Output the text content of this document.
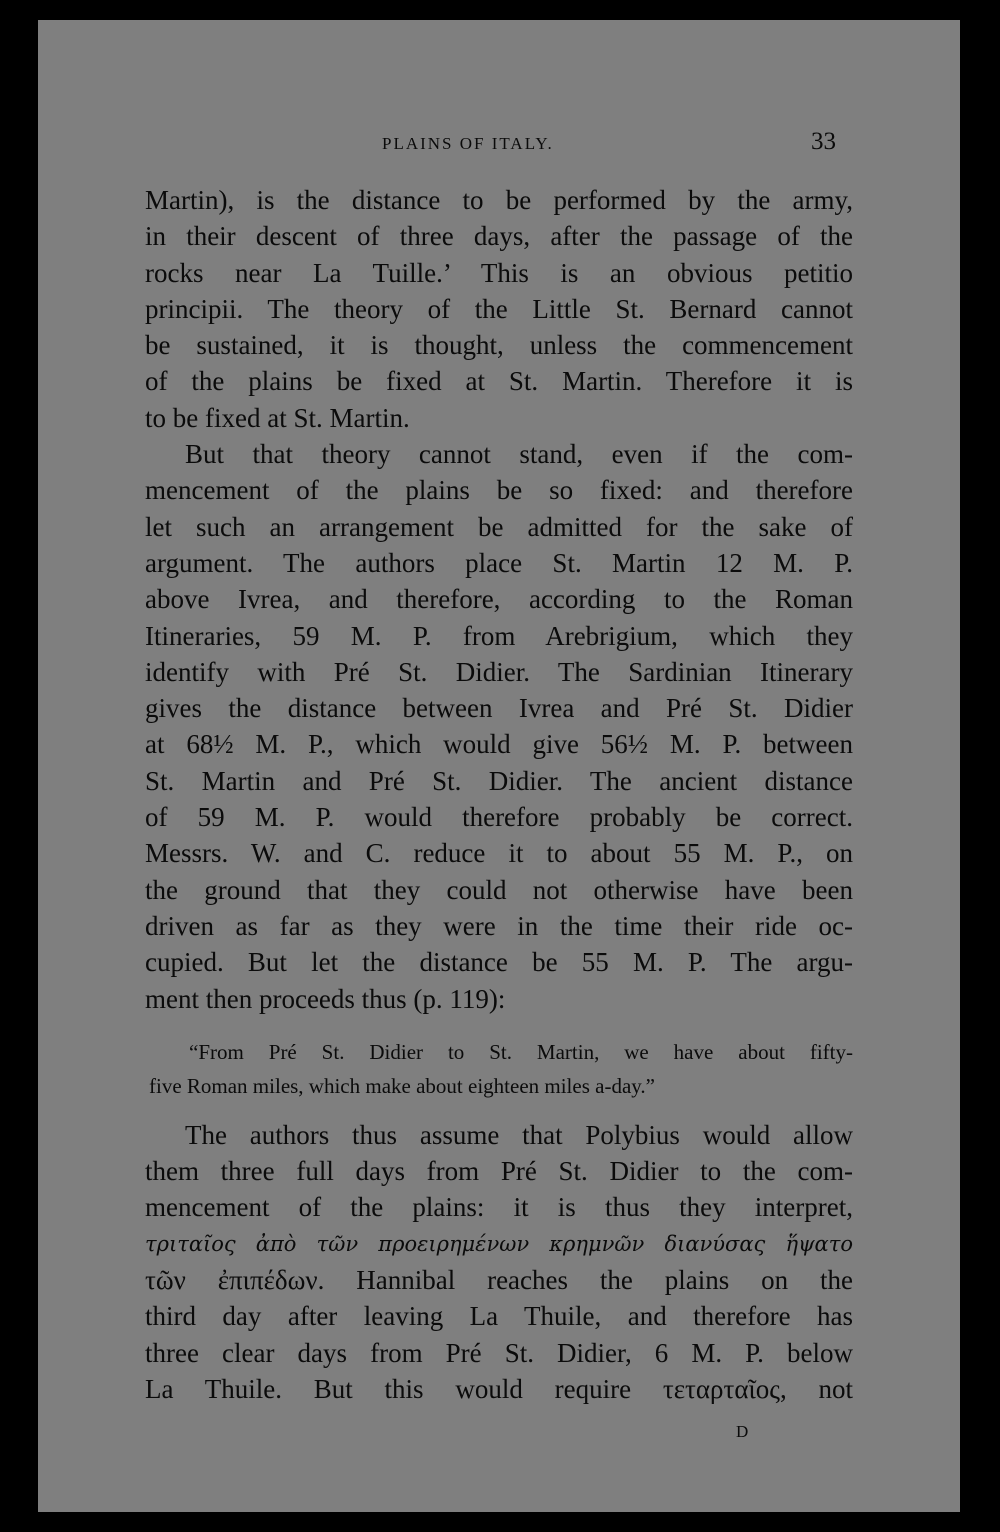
PLAINS OF ITALY.	33
Martin), is the distance to be performed by the army,
in their descent of three days, after the passage of the
rocks near La Tuille.’ This is an obvious petitio
principii. The theory of the Little St. Bernard cannot
be sustained, it is thought, unless the commencement
of the plains be fixed at St. Martin. Therefore it is
to be fixed at St. Martin.
But that theory cannot stand, even if the com-
mencement of the plains be so fixed: and therefore
let such an arrangement be admitted for the sake of
argument. The authors place St. Martin 12 M. P.
above Ivrea, and therefore, according to the Roman
Itineraries, 59 M. P. from Arebrigium, which they
identify with Pré St. Didier. The Sardinian Itinerary
gives the distance between Ivrea and Pré St. Didier
at 68½ M. P., which would give 56½ M. P. between
St. Martin and Pré St. Didier. The ancient distance
of 59 M. P. would therefore probably be correct.
Messrs. W. and C. reduce it to about 55 M. P., on
the ground that they could not otherwise have been
driven as far as they were in the time their ride oc-
cupied. But let the distance be 55 M. P. The argu-
ment then proceeds thus (p. 119):
“From Pré St. Didier to St. Martin, we have about fifty-
five Roman miles, which make about eighteen miles a-day.”
The authors thus assume that Polybius would allow
them three full days from Pré St. Didier to the com-
mencement of the plains: it is thus they interpret,
τριταῖος ἀπὸ τῶν προειρημένων κρημνῶν διανύσας ἥψατο
τῶν ἐπιπέδων. Hannibal reaches the plains on the
third day after leaving La Thuile, and therefore has
three clear days from Pré St. Didier, 6 M. P. below
La Thuile. But this would require τεταρταῖος, not
D
